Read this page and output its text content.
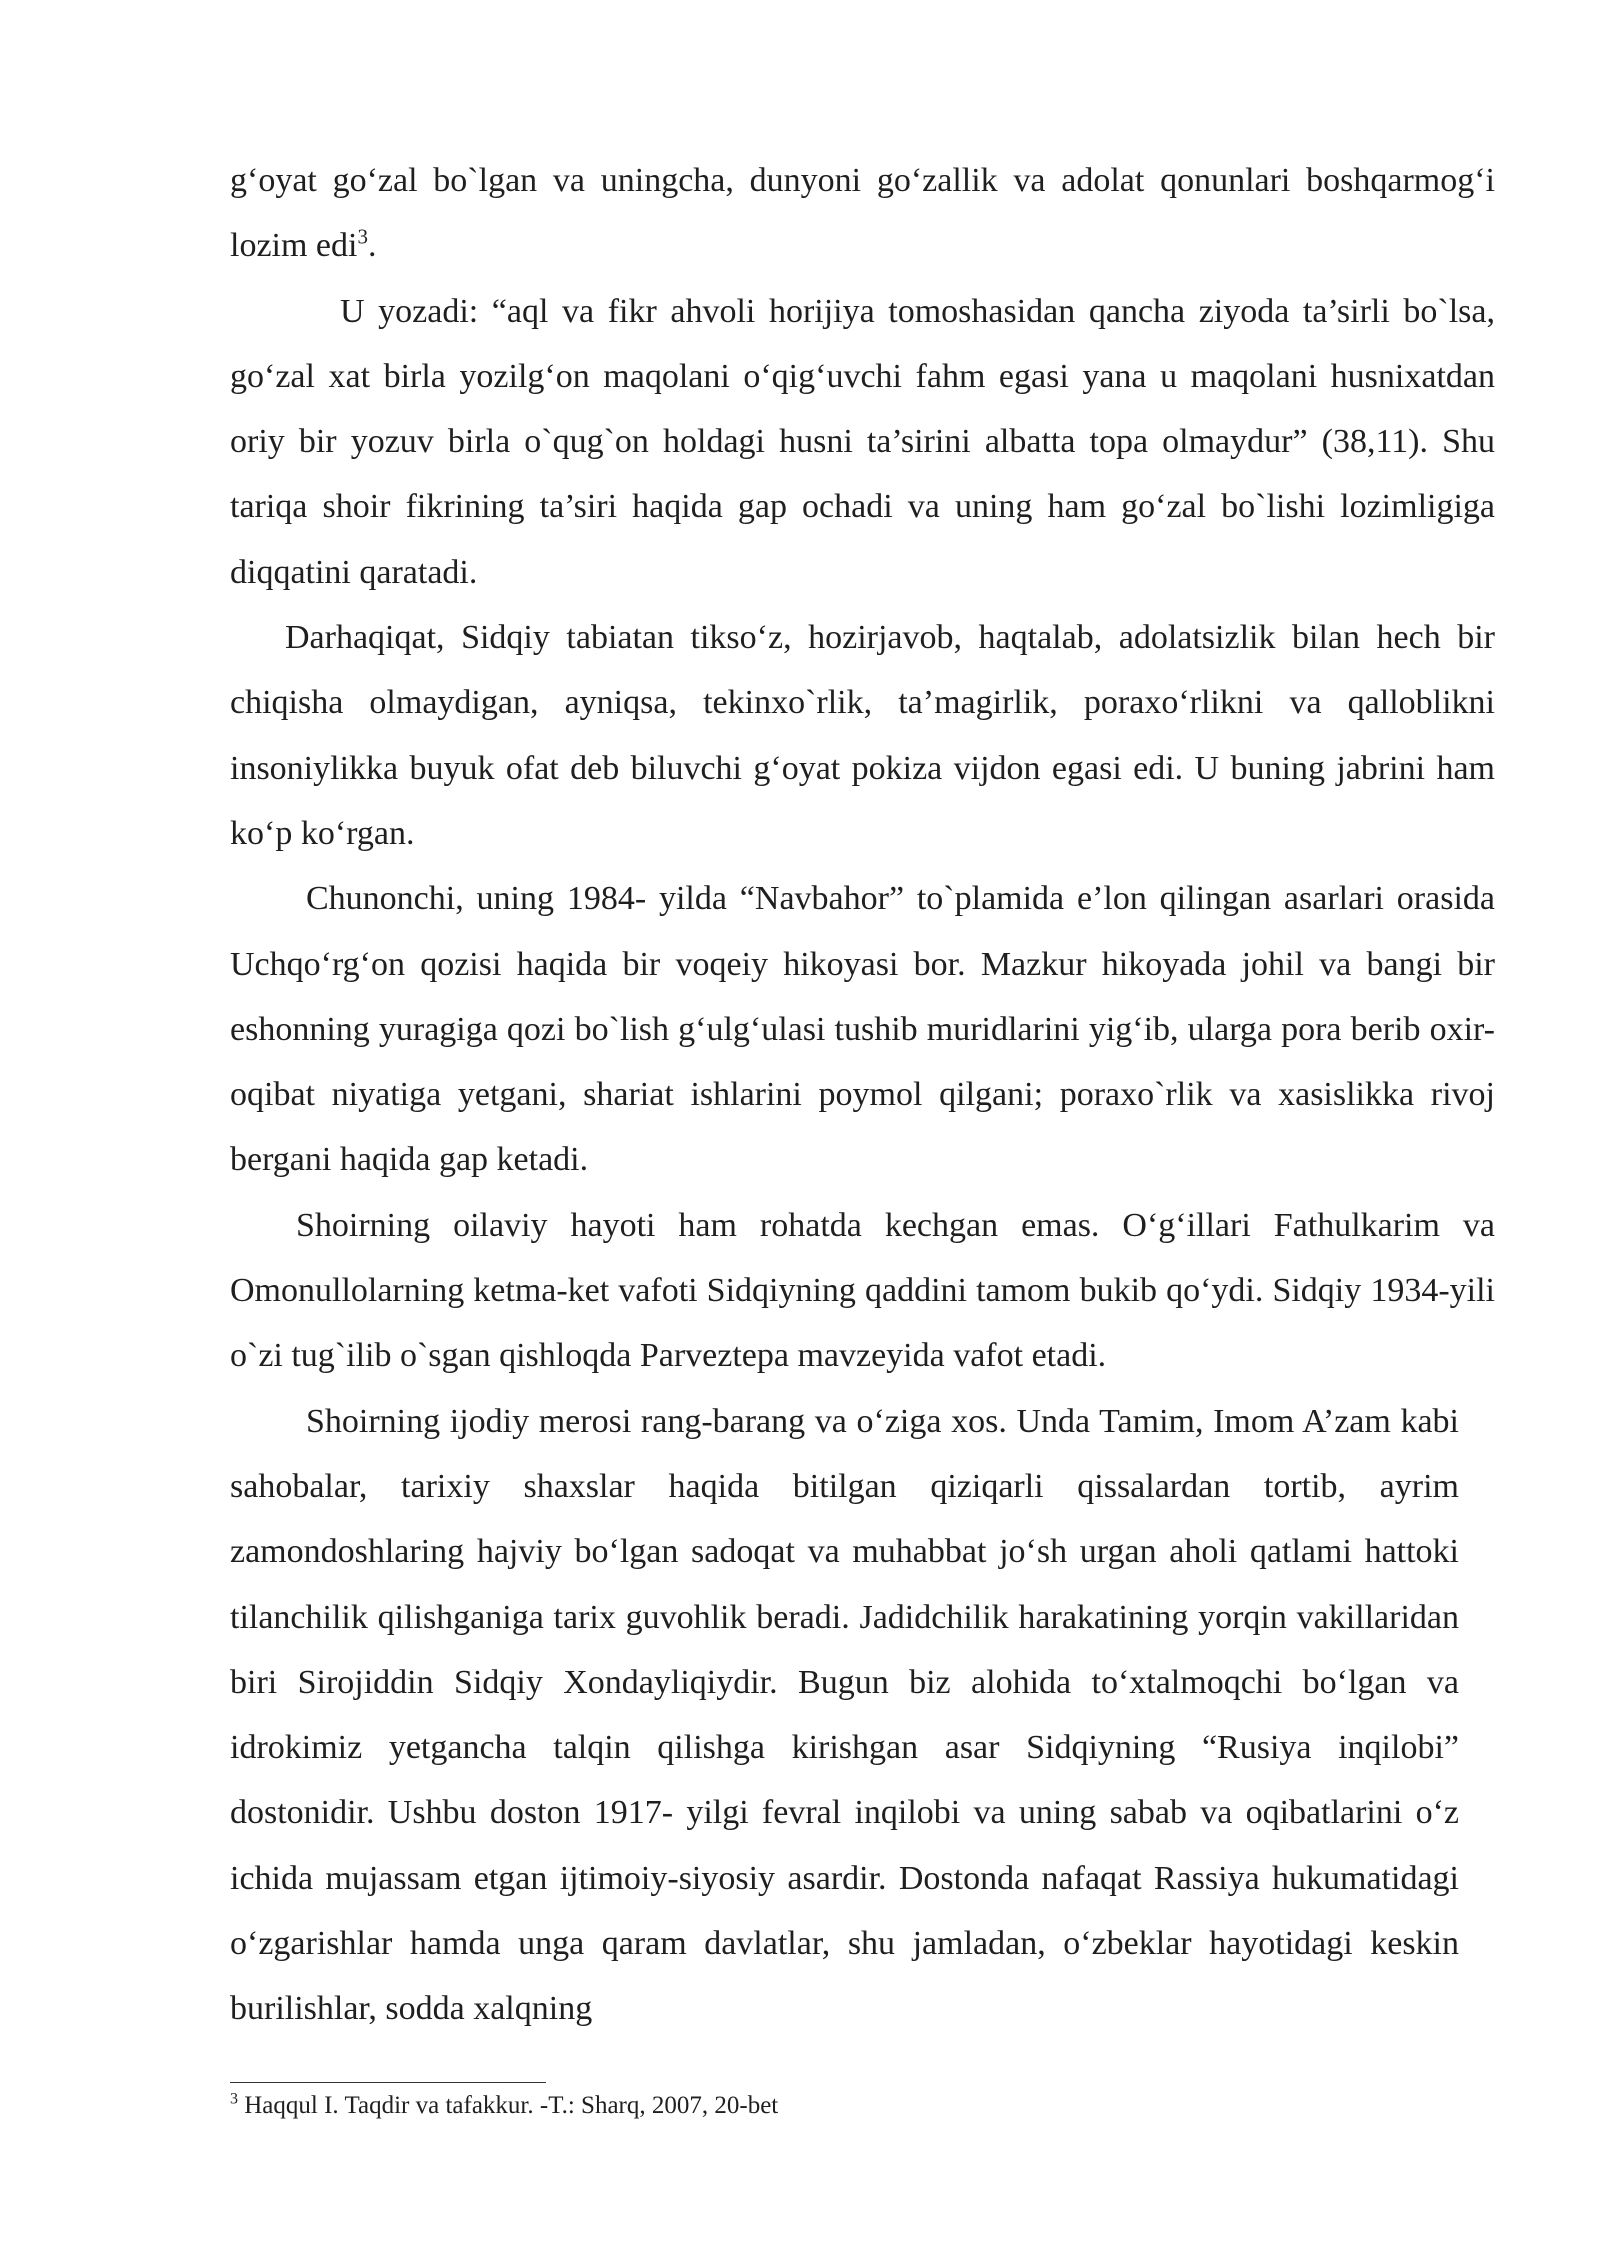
g‘oyat go‘zal bo`lgan va uningcha, dunyoni go‘zallik va adolat qonunlari boshqarmog‘i lozim edi$^3$.

U yozadi: “aql va fikr ahvoli horijiya tomoshasidan qancha ziyoda ta’sirli bo`lsa, go‘zal xat birla yozilg‘on maqolani o‘qig‘uvchi fahm egasi yana u maqolani husnixatdan oriy bir yozuv birla o`qug`on holdagi husni ta’sirini albatta topa olmaydur” (38,11). Shu tariqa shoir fikrining ta’siri haqida gap ochadi va uning ham go‘zal bo`lishi lozimligiga diqqatini qaratadi.

Darhaqiqat, Sidqiy tabiatan tikso‘z, hozirjavob, haqtalab, adolatsizlik bilan hech bir chiqisha olmaydigan, ayniqsa, tekinxo`rlik, ta’magirlik, poraxo‘rlikni va qalloblikni insoniylikka buyuk ofat deb biluvchi g‘oyat pokiza vijdon egasi edi. U buning jabrini ham ko‘p ko‘rgan.

Chunonchi, uning 1984- yilda “Navbahor” to`plamida e’lon qilingan asarlari orasida Uchqo‘rg‘on qozisi haqida bir voqeiy hikoyasi bor. Mazkur hikoyada johil va bangi bir eshonning yuragiga qozi bo`lish g‘ulg‘ulasi tushib muridlarini yig‘ib, ularga pora berib oxir-oqibat niyatiga yetgani, shariat ishlarini poymol qilgani; poraxo`rlik va xasislikka rivoj bergani haqida gap ketadi.

Shoirning oilaviy hayoti ham rohatda kechgan emas. O‘g‘illari Fathulkarim va Omonullolarning ketma-ket vafoti Sidqiyning qaddini tamom bukib qo‘ydi. Sidqiy 1934-yili o`zi tug`ilib o`sgan qishloqda Parveztepa mavzeyida vafot etadi.

Shoirning ijodiy merosi rang-barang va o‘ziga xos. Unda Tamim, Imom A’zam kabi sahobalar, tarixiy shaxslar haqida bitilgan qiziqarli qissalardan tortib, ayrim zamondoshlaring hajviy bo‘lgan sadoqat va muhabbat jo‘sh urgan aholi qatlami hattoki tilanchilik qilishganiga tarix guvohlik beradi. Jadidchilik harakatining yorqin vakillaridan biri Sirojiddin Sidqiy Xondayliqiydir. Bugun biz alohida to‘xtalmoqchi bo‘lgan va idrokimiz yetgancha talqin qilishga kirishgan asar Sidqiyning “Rusiya inqilobi” dostonidir. Ushbu doston 1917- yilgi fevral inqilobi va uning sabab va oqibatlarini o‘z ichida mujassam etgan ijtimoiy-siyosiy asardir. Dostonda nafaqat Rassiya hukumatidagi o‘zgarishlar hamda unga qaram davlatlar, shu jamladan, o‘zbeklar hayotidagi keskin burilishlar, sodda xalqning

$^3$ Haqqul I. Taqdir va tafakkur. -T.: Sharq, 2007, 20-bet
